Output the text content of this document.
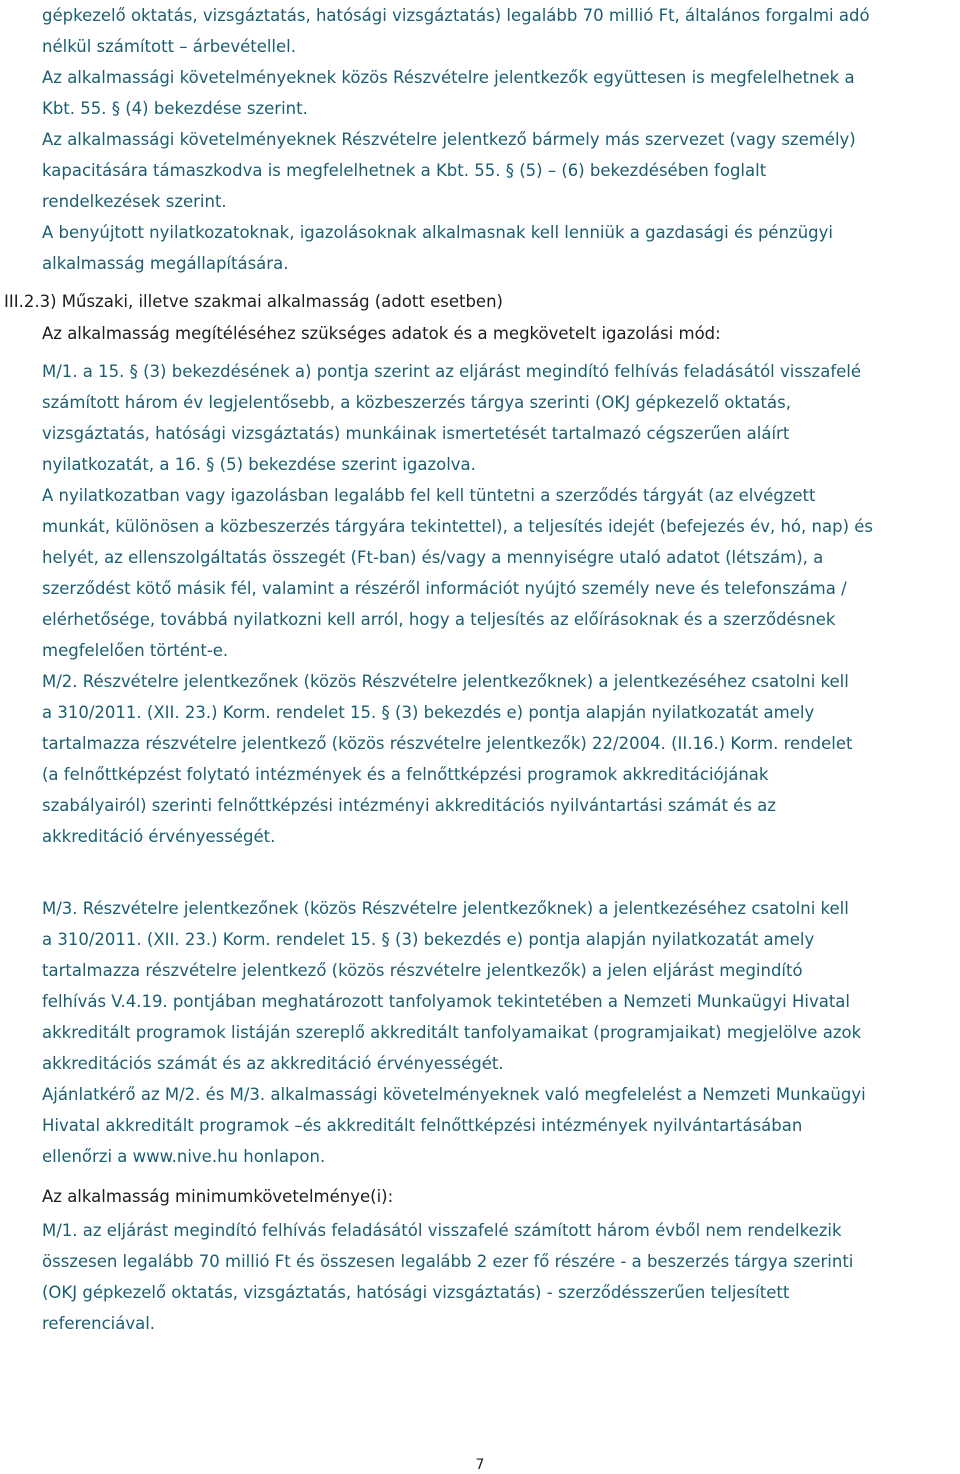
gépkezelő oktatás, vizsgáztatás, hatósági vizsgáztatás) legalább 70 millió Ft, általános forgalmi adó
nélkül számított – árbevétellel.
Az alkalmassági követelményeknek közös Részvételre jelentkezők együttesen is megfelelhetnek a
Kbt. 55. § (4) bekezdése szerint.
Az alkalmassági követelményeknek Részvételre jelentkező bármely más szervezet (vagy személy)
kapacitására támaszkodva is megfelelhetnek a Kbt. 55. § (5) – (6) bekezdésében foglalt
rendelkezések szerint.
A benyújtott nyilatkozatoknak, igazolásoknak alkalmasnak kell lenniük a gazdasági és pénzügyi
alkalmasság megállapítására.
III.2.3) Műszaki, illetve szakmai alkalmasság (adott esetben)
Az alkalmasság megítéléséhez szükséges adatok és a megkövetelt igazolási mód:
M/1. a 15. § (3) bekezdésének a) pontja szerint az eljárást megindító felhívás feladásától visszafelé
számított három év legjelentősebb, a közbeszerzés tárgya szerinti (OKJ gépkezelő oktatás,
vizsgáztatás, hatósági vizsgáztatás) munkáinak ismertetését tartalmazó cégszerűen aláírt
nyilatkozatát, a 16. § (5) bekezdése szerint igazolva.
A nyilatkozatban vagy igazolásban legalább fel kell tüntetni a szerződés tárgyát (az elvégzett
munkát, különösen a közbeszerzés tárgyára tekintettel), a teljesítés idejét (befejezés év, hó, nap) és
helyét, az ellenszolgáltatás összegét (Ft-ban) és/vagy a mennyiségre utaló adatot (létszám), a
szerződést kötő másik fél, valamint a részéről információt nyújtó személy neve és telefonszáma /
elérhetősége, továbbá nyilatkozni kell arról, hogy a teljesítés az előírásoknak és a szerződésnek
megfelelően történt-e.
M/2. Részvételre jelentkezőnek (közös Részvételre jelentkezőknek) a jelentkezéséhez csatolni kell
a 310/2011. (XII. 23.) Korm. rendelet 15. § (3) bekezdés e) pontja alapján nyilatkozatát amely
tartalmazza részvételre jelentkező (közös részvételre jelentkezők) 22/2004. (II.16.) Korm. rendelet
(a felnőttképzést folytató intézmények és a felnőttképzési programok akkreditációjának
szabályairól) szerinti felnőttképzési intézményi akkreditációs nyilvántartási számát és az
akkreditáció érvényességét.
M/3. Részvételre jelentkezőnek (közös Részvételre jelentkezőknek) a jelentkezéséhez csatolni kell
a 310/2011. (XII. 23.) Korm. rendelet 15. § (3) bekezdés e) pontja alapján nyilatkozatát amely
tartalmazza részvételre jelentkező (közös részvételre jelentkezők) a jelen eljárást megindító
felhívás V.4.19. pontjában meghatározott tanfolyamok tekintetében a Nemzeti Munkaügyi Hivatal
akkreditált programok listáján szereplő akkreditált tanfolyamaikat (programjaikat) megjelölve azok
akkreditációs számát és az akkreditáció érvényességét.
Ajánlatkérő az M/2. és M/3. alkalmassági követelményeknek való megfelelést a Nemzeti Munkaügyi
Hivatal akkreditált programok –és akkreditált felnőttképzési intézmények nyilvántartásában
ellenőrzi a www.nive.hu honlapon.
Az alkalmasság minimumkövetelménye(i):
M/1. az eljárást megindító felhívás feladásától visszafelé számított három évből nem rendelkezik
összesen legalább 70 millió Ft és összesen legalább 2 ezer fő részére - a beszerzés tárgya szerinti
(OKJ gépkezelő oktatás, vizsgáztatás, hatósági vizsgáztatás) - szerződésszerűen teljesített
referenciával.
7
